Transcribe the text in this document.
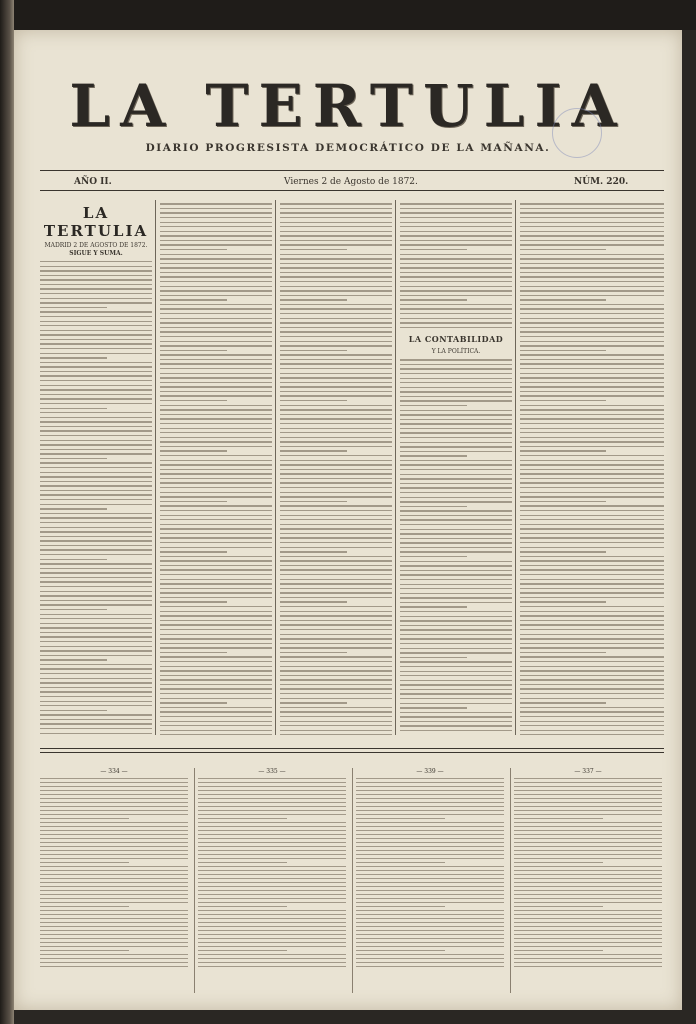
LA TERTULIA
DIARIO PROGRESISTA DEMOCRÁTICO DE LA MAÑANA.
AÑO II.	Viernes 2 de Agosto de 1872.	NÚM. 220.
LA TERTULIA
MADRID 2 DE AGOSTO DE 1872.
SIGUE Y SUMA.
LA CONTABILIDAD
Y LA POLÍTICA.
— 334 —	— 335 —	— 339 —	— 337 —
